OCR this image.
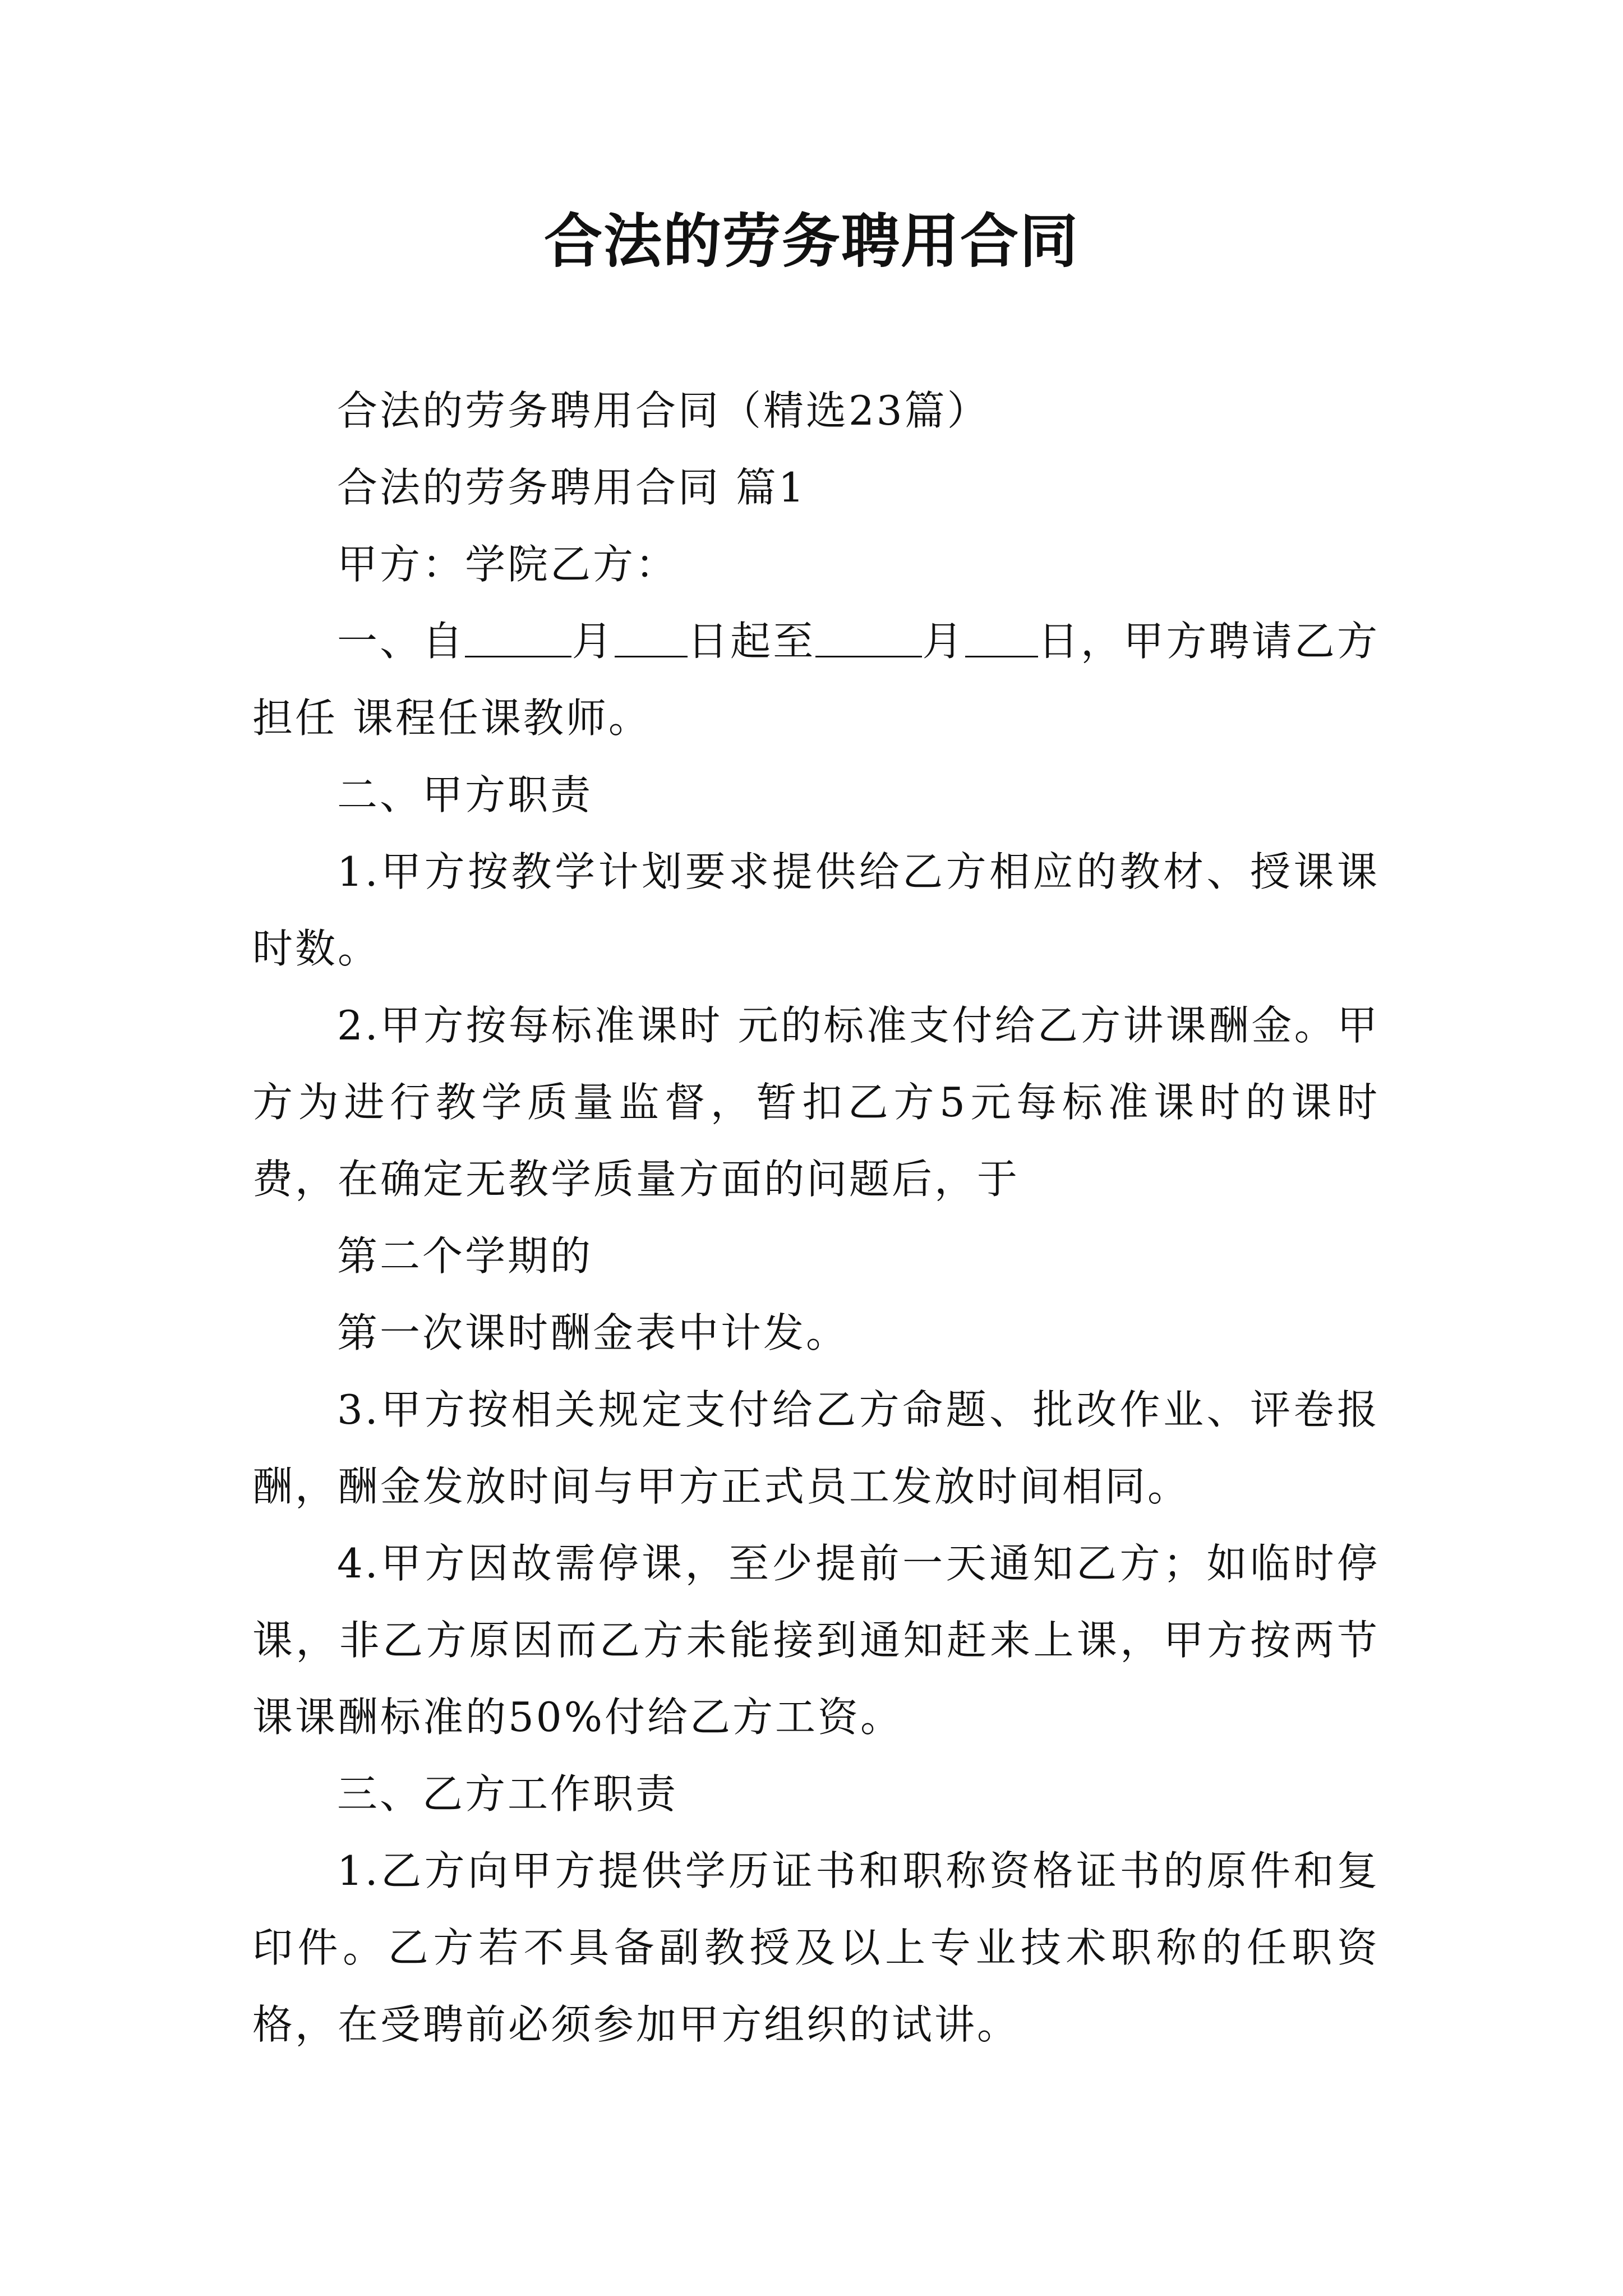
合法的劳务聘用合同

合法的劳务聘用合同（精选23篇）

合法的劳务聘用合同 篇1

甲方：学院乙方：

一、自	月 日起至	月 日，甲方聘请乙方担任 课程任课教师。

二、甲方职责

1.甲方按教学计划要求提供给乙方相应的教材、授课课时数。

2.甲方按每标准课时 元的标准支付给乙方讲课酬金。甲方为进行教学质量监督，暂扣乙方5元每标准课时的课时费，在确定无教学质量方面的问题后，于

第二个学期的

第一次课时酬金表中计发。

3.甲方按相关规定支付给乙方命题、批改作业、评卷报酬，酬金发放时间与甲方正式员工发放时间相同。

4.甲方因故需停课，至少提前一天通知乙方；如临时停课，非乙方原因而乙方未能接到通知赶来上课，甲方按两节课课酬标准的50%付给乙方工资。

三、乙方工作职责

1.乙方向甲方提供学历证书和职称资格证书的原件和复印件。乙方若不具备副教授及以上专业技术职称的任职资格，在受聘前必须参加甲方组织的试讲。
